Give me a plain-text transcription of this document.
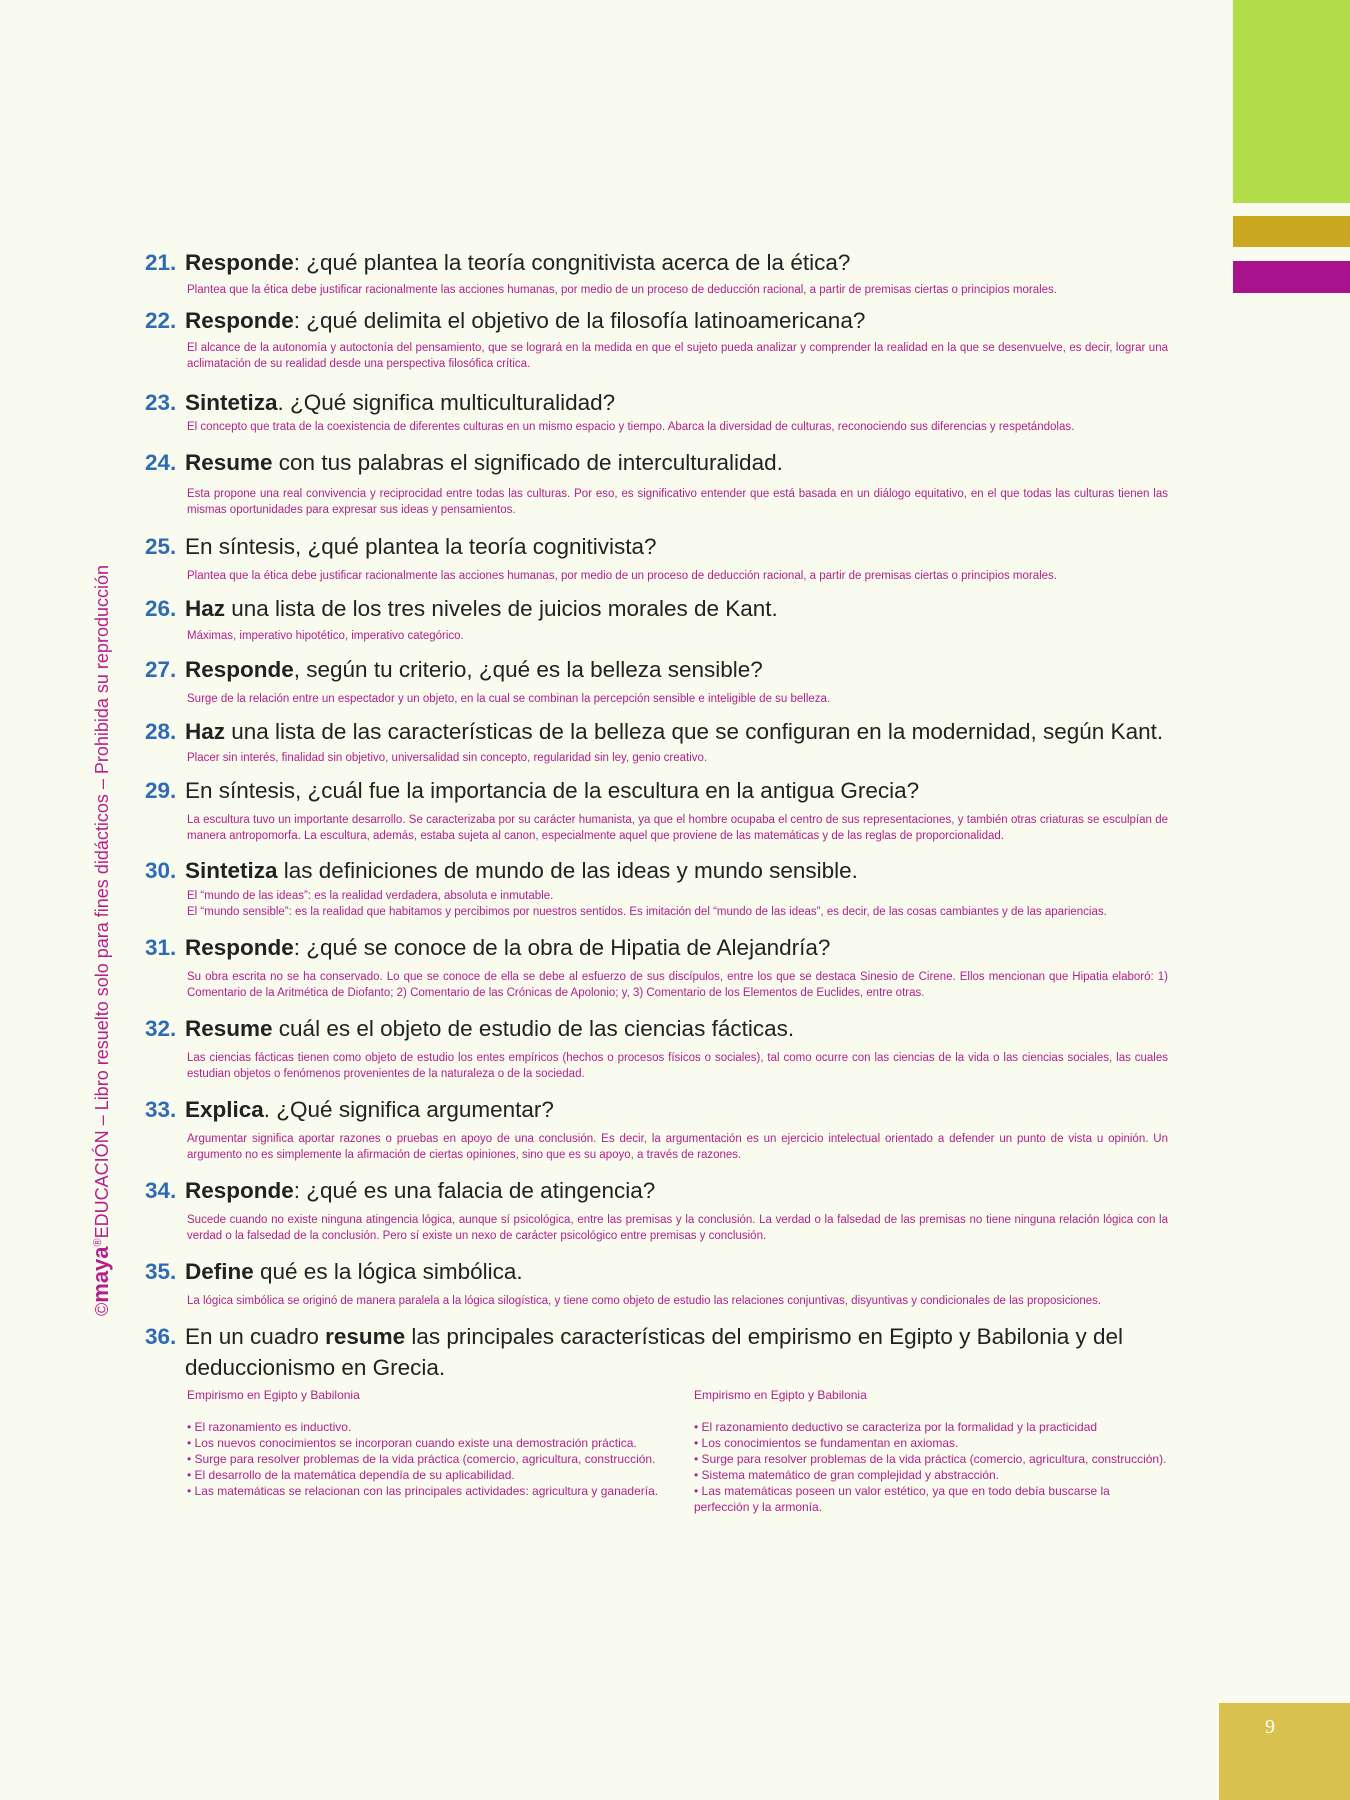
©maya®EDUCACIÓN – Libro resuelto solo para fines didácticos – Prohibida su reproducción
21. Responde: ¿qué plantea la teoría congnitivista acerca de la ética?

Plantea que la ética debe justificar racionalmente las acciones humanas, por medio de un proceso de deducción racional, a partir de premisas ciertas o principios morales.

22. Responde: ¿qué delimita el objetivo de la filosofía latinoamericana?

El alcance de la autonomía y autoctonía del pensamiento, que se logrará en la medida en que el sujeto pueda analizar y comprender la realidad en la que se desenvuelve, es decir, lograr una aclimatación de su realidad desde una perspectiva filosófica crítica.

23. Sintetiza. ¿Qué significa multiculturalidad?

El concepto que trata de la coexistencia de diferentes culturas en un mismo espacio y tiempo. Abarca la diversidad de culturas, reconociendo sus diferencias y respetándolas.

24. Resume con tus palabras el significado de interculturalidad.

Esta propone una real convivencia y reciprocidad entre todas las culturas. Por eso, es significativo entender que está basada en un diálogo equitativo, en el que todas las culturas tienen las mismas oportunidades para expresar sus ideas y pensamientos.

25. En síntesis, ¿qué plantea la teoría cognitivista?

Plantea que la ética debe justificar racionalmente las acciones humanas, por medio de un proceso de deducción racional, a partir de premisas ciertas o principios morales.

26. Haz una lista de los tres niveles de juicios morales de Kant.

Máximas, imperativo hipotético, imperativo categórico.

27. Responde, según tu criterio, ¿qué es la belleza sensible?

Surge de la relación entre un espectador y un objeto, en la cual se combinan la percepción sensible e inteligible de su belleza.

28. Haz una lista de las características de la belleza que se configuran en la modernidad, según Kant.

Placer sin interés, finalidad sin objetivo, universalidad sin concepto, regularidad sin ley, genio creativo.

29. En síntesis, ¿cuál fue la importancia de la escultura en la antigua Grecia?

La escultura tuvo un importante desarrollo. Se caracterizaba por su carácter humanista, ya que el hombre ocupaba el centro de sus representaciones, y también otras criaturas se esculpían de manera antropomorfa. La escultura, además, estaba sujeta al canon, especialmente aquel que proviene de las matemáticas y de las reglas de proporcionalidad.

30. Sintetiza las definiciones de mundo de las ideas y mundo sensible.

El “mundo de las ideas”: es la realidad verdadera, absoluta e inmutable.

El “mundo sensible”: es la realidad que habitamos y percibimos por nuestros sentidos. Es imitación del “mundo de las ideas”, es decir, de las cosas cambiantes y de las apariencias.

31. Responde: ¿qué se conoce de la obra de Hipatia de Alejandría?

Su obra escrita no se ha conservado. Lo que se conoce de ella se debe al esfuerzo de sus discípulos, entre los que se destaca Sinesio de Cirene. Ellos mencionan que Hipatia elaboró: 1) Comentario de la Aritmética de Diofanto; 2) Comentario de las Crónicas de Apolonio; y, 3) Comentario de los Elementos de Euclides, entre otras.

32. Resume cuál es el objeto de estudio de las ciencias fácticas.

Las ciencias fácticas tienen como objeto de estudio los entes empíricos (hechos o procesos físicos o sociales), tal como ocurre con las ciencias de la vida o las ciencias sociales, las cuales estudian objetos o fenómenos provenientes de la naturaleza o de la sociedad.

33. Explica. ¿Qué significa argumentar?

Argumentar significa aportar razones o pruebas en apoyo de una conclusión. Es decir, la argumentación es un ejercicio intelectual orientado a defender un punto de vista u opinión. Un argumento no es simplemente la afirmación de ciertas opiniones, sino que es su apoyo, a través de razones.

34. Responde: ¿qué es una falacia de atingencia?

Sucede cuando no existe ninguna atingencia lógica, aunque sí psicológica, entre las premisas y la conclusión. La verdad o la falsedad de las premisas no tiene ninguna relación lógica con la verdad o la falsedad de la conclusión. Pero sí existe un nexo de carácter psicológico entre premisas y conclusión.

35. Define qué es la lógica simbólica.

La lógica simbólica se originó de manera paralela a la lógica silogística, y tiene como objeto de estudio las relaciones conjuntivas, disyuntivas y condicionales de las proposiciones.

36. En un cuadro resume las principales características del empirismo en Egipto y Babilonia y del deduccionismo en Grecia.

Empirismo en Egipto y Babilonia

• El razonamiento es inductivo.
• Los nuevos conocimientos se incorporan cuando existe una demostración práctica.
• Surge para resolver problemas de la vida práctica (comercio, agricultura, construcción.
• El desarrollo de la matemática dependía de su aplicabilidad.
• Las matemáticas se relacionan con las principales actividades: agricultura y ganadería.

Empirismo en Egipto y Babilonia

• El razonamiento deductivo se caracteriza por la formalidad y la practicidad
• Los conocimientos se fundamentan en axiomas.
• Surge para resolver problemas de la vida práctica (comercio, agricultura, construcción).
• Sistema matemático de gran complejidad y abstracción.
• Las matemáticas poseen un valor estético, ya que en todo debía buscarse la perfección y la armonía.
9
